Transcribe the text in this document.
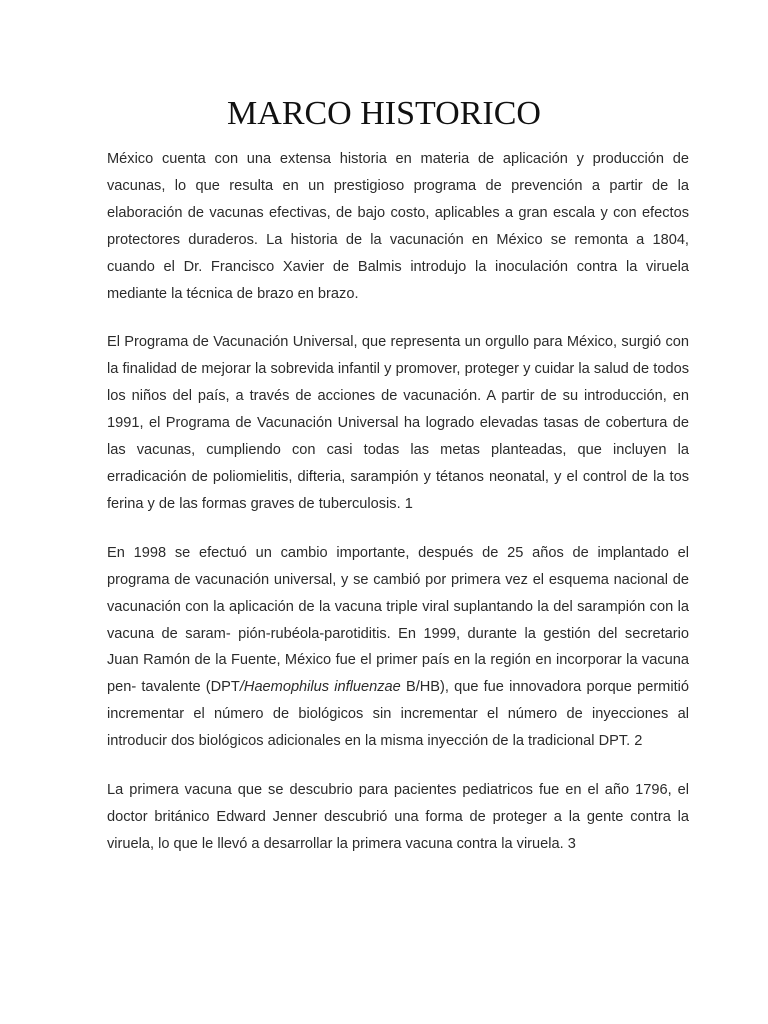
MARCO HISTORICO

México cuenta con una extensa historia en materia de aplicación y producción de vacunas, lo que resulta en un prestigioso programa de prevención a partir de la elaboración de vacunas efectivas, de bajo costo, aplicables a gran escala y con efectos protectores duraderos. La historia de la vacunación en México se remonta a 1804, cuando el Dr. Francisco Xavier de Balmis introdujo la inoculación contra la viruela mediante la técnica de brazo en brazo.

El Programa de Vacunación Universal, que representa un orgullo para México, surgió con la finalidad de mejorar la sobrevida infantil y promover, proteger y cuidar la salud de todos los niños del país, a través de acciones de vacunación. A partir de su introducción, en 1991, el Programa de Vacunación Universal ha logrado elevadas tasas de cobertura de las vacunas, cumpliendo con casi todas las metas planteadas, que incluyen la erradicación de poliomielitis, difteria, sarampión y tétanos neonatal, y el control de la tos ferina y de las formas graves de tuberculosis. 1

En 1998 se efectuó un cambio importante, después de 25 años de implantado el programa de vacunación universal, y se cambió por primera vez el esquema nacional de vacunación con la aplicación de la vacuna triple viral suplantando la del sarampión con la vacuna de saram- pión-rubéola-parotiditis. En 1999, durante la gestión del secretario Juan Ramón de la Fuente, México fue el primer país en la región en incorporar la vacuna pen- tavalente (DPT/Haemophilus influenzae B/HB), que fue innovadora porque permitió incrementar el número de biológicos sin incrementar el número de inyecciones al introducir dos biológicos adicionales en la misma inyección de la tradicional DPT. 2

La primera vacuna que se descubrio para pacientes pediatricos fue en el año 1796, el doctor británico Edward Jenner descubrió una forma de proteger a la gente contra la viruela, lo que le llevó a desarrollar la primera vacuna contra la viruela. 3
